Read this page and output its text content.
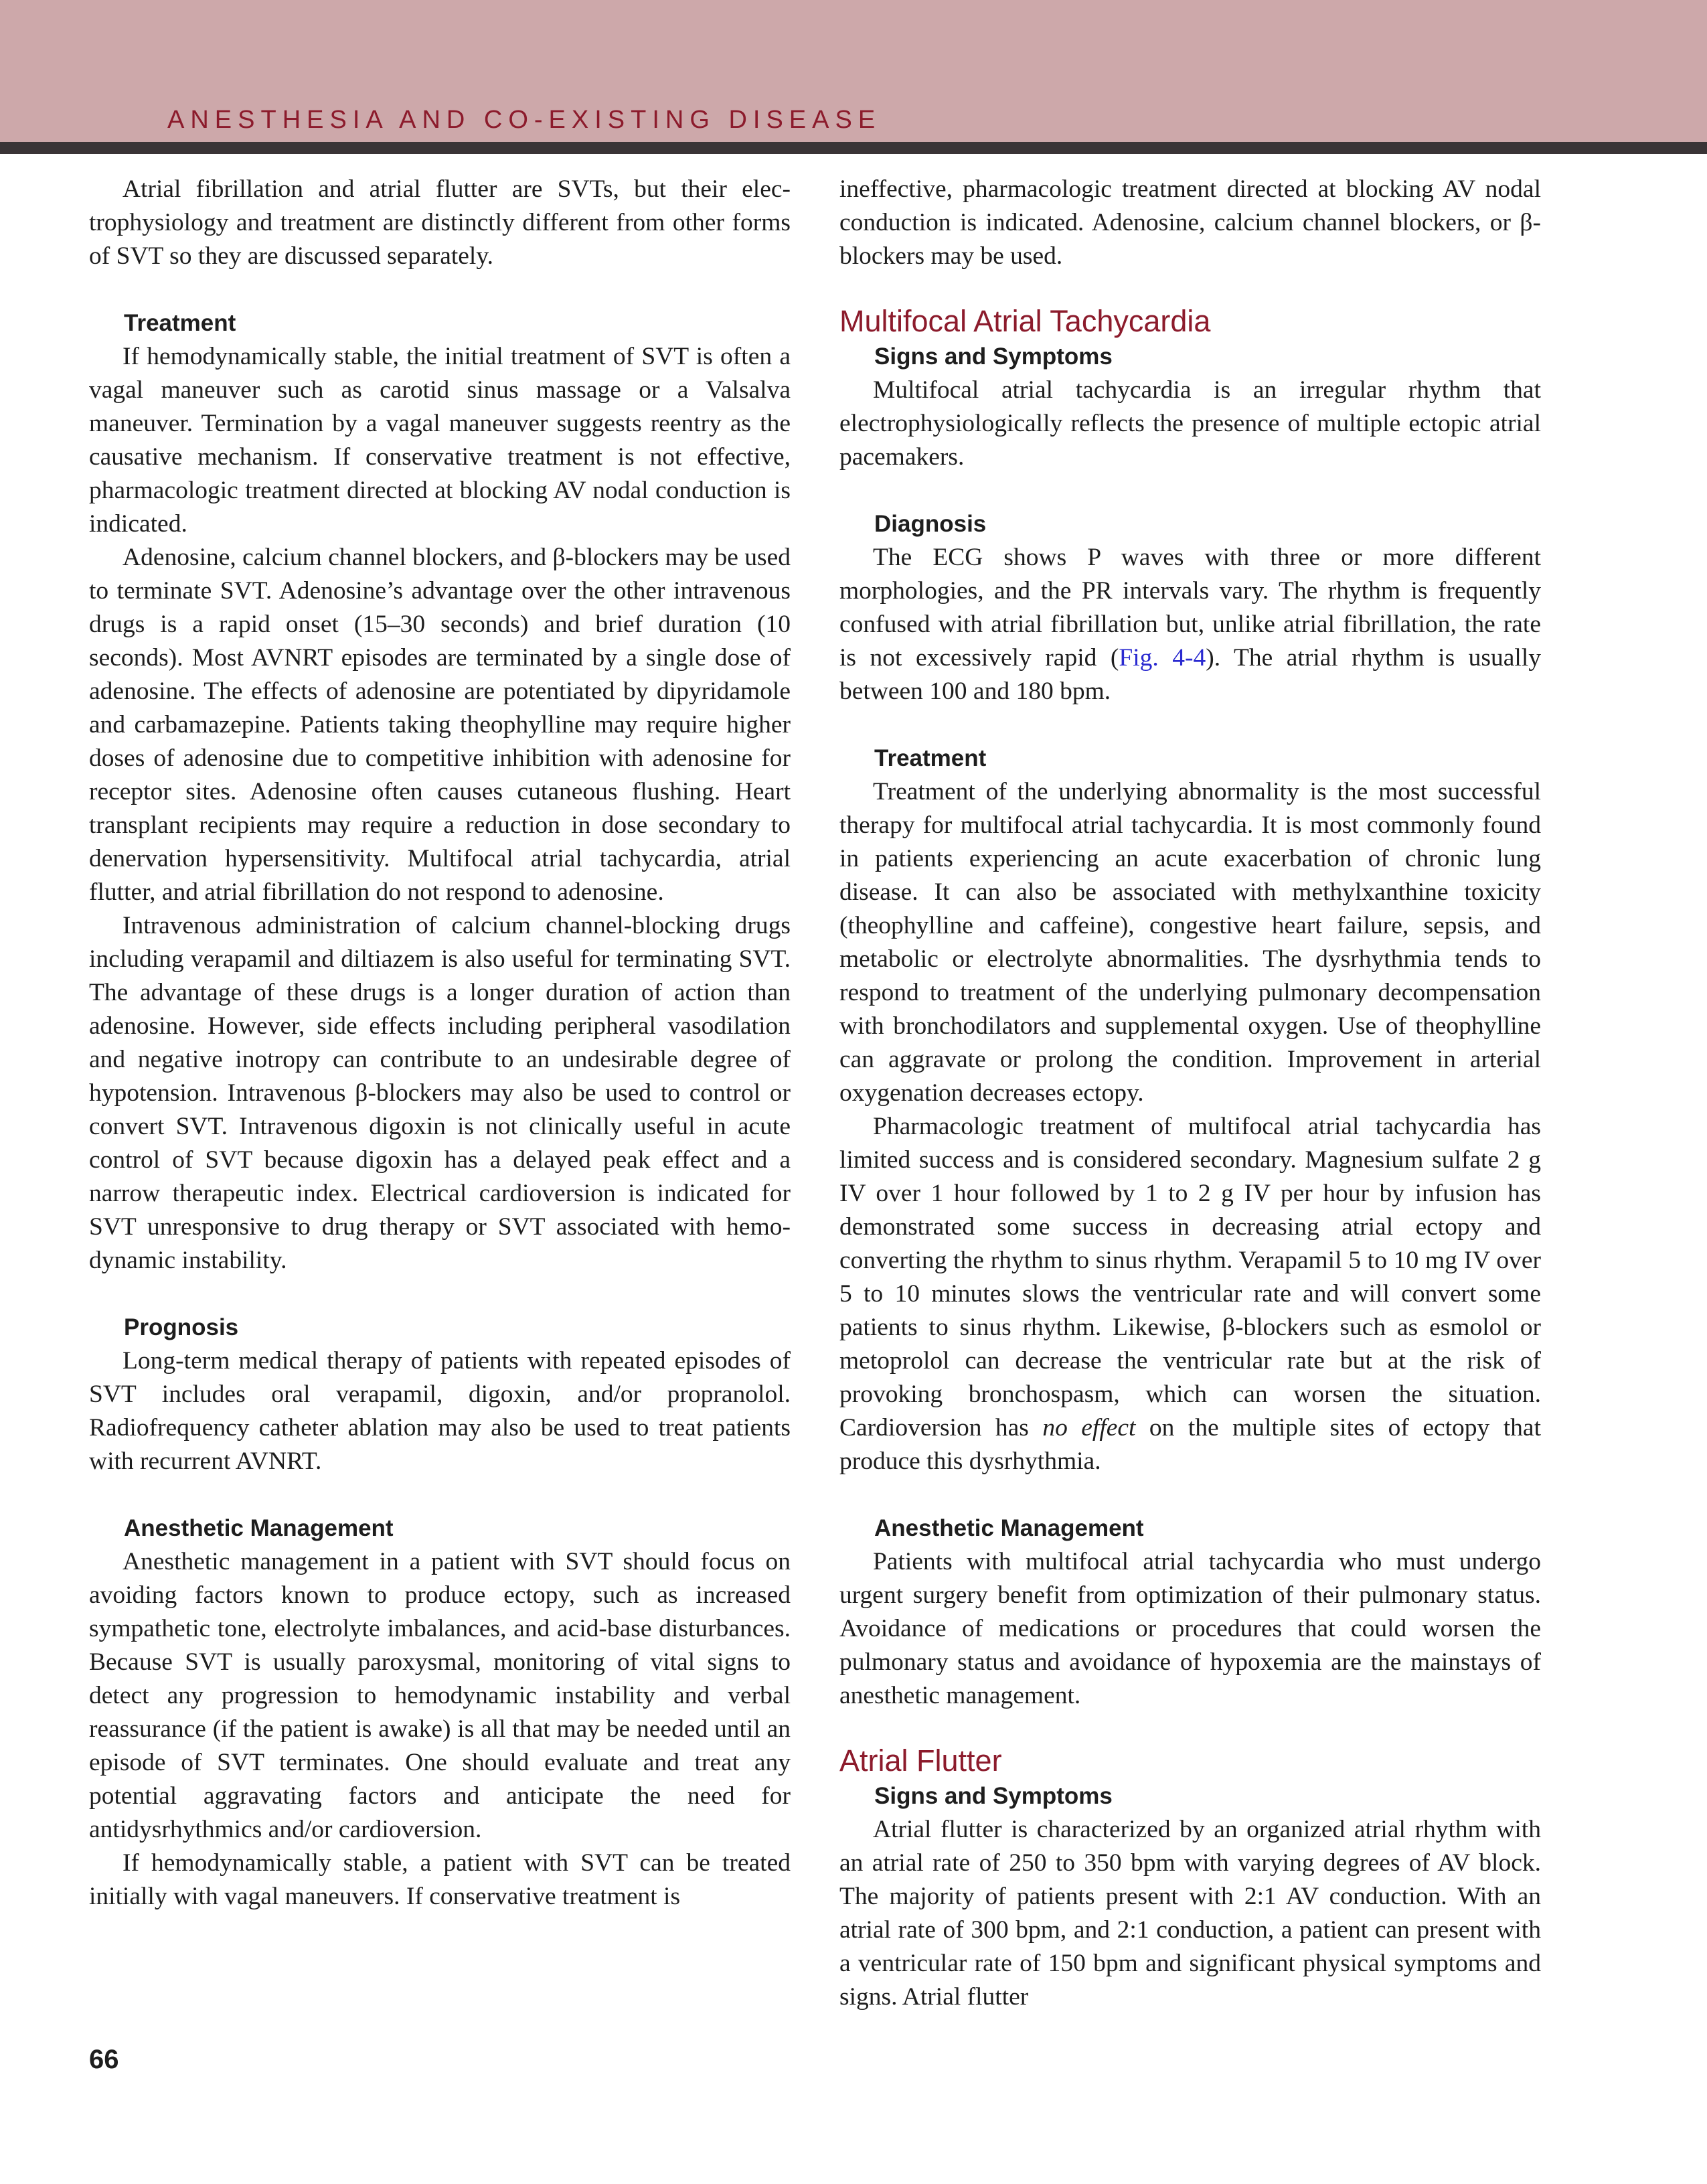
ANESTHESIA AND CO-EXISTING DISEASE

Atrial fibrillation and atrial flutter are SVTs, but their electrophysiology and treatment are distinctly different from other forms of SVT so they are discussed separately.

Treatment

If hemodynamically stable, the initial treatment of SVT is often a vagal maneuver such as carotid sinus massage or a Valsalva maneuver. Termination by a vagal maneuver suggests reentry as the causative mechanism. If conservative treatment is not effective, pharmacologic treatment directed at blocking AV nodal conduction is indicated.

Adenosine, calcium channel blockers, and β-blockers may be used to terminate SVT. Adenosine’s advantage over the other intravenous drugs is a rapid onset (15–30 seconds) and brief duration (10 seconds). Most AVNRT episodes are terminated by a single dose of adenosine. The effects of adenosine are potentiated by dipyridamole and carbamazepine. Patients taking theophylline may require higher doses of adenosine due to competitive inhibition with adenosine for receptor sites. Adenosine often causes cutaneous flushing. Heart transplant recipients may require a reduction in dose secondary to denervation hypersensitivity. Multifocal atrial tachycardia, atrial flutter, and atrial fibrillation do not respond to adenosine.

Intravenous administration of calcium channel-blocking drugs including verapamil and diltiazem is also useful for terminating SVT. The advantage of these drugs is a longer duration of action than adenosine. However, side effects including peripheral vasodilation and negative inotropy can contribute to an undesirable degree of hypotension. Intravenous β-blockers may also be used to control or convert SVT. Intravenous digoxin is not clinically useful in acute control of SVT because digoxin has a delayed peak effect and a narrow therapeutic index. Electrical cardioversion is indicated for SVT unresponsive to drug therapy or SVT associated with hemodynamic instability.

Prognosis

Long-term medical therapy of patients with repeated episodes of SVT includes oral verapamil, digoxin, and/or propranolol. Radiofrequency catheter ablation may also be used to treat patients with recurrent AVNRT.

Anesthetic Management

Anesthetic management in a patient with SVT should focus on avoiding factors known to produce ectopy, such as increased sympathetic tone, electrolyte imbalances, and acid-base disturbances. Because SVT is usually paroxysmal, monitoring of vital signs to detect any progression to hemodynamic instability and verbal reassurance (if the patient is awake) is all that may be needed until an episode of SVT terminates. One should evaluate and treat any potential aggravating factors and anticipate the need for antidysrhythmics and/or cardioversion.

If hemodynamically stable, a patient with SVT can be treated initially with vagal maneuvers. If conservative treatment is

ineffective, pharmacologic treatment directed at blocking AV nodal conduction is indicated. Adenosine, calcium channel blockers, or β-blockers may be used.

Multifocal Atrial Tachycardia
Signs and Symptoms

Multifocal atrial tachycardia is an irregular rhythm that electrophysiologically reflects the presence of multiple ectopic atrial pacemakers.

Diagnosis

The ECG shows P waves with three or more different morphologies, and the PR intervals vary. The rhythm is frequently confused with atrial fibrillation but, unlike atrial fibrillation, the rate is not excessively rapid (Fig. 4-4). The atrial rhythm is usually between 100 and 180 bpm.

Treatment

Treatment of the underlying abnormality is the most successful therapy for multifocal atrial tachycardia. It is most commonly found in patients experiencing an acute exacerbation of chronic lung disease. It can also be associated with methylxanthine toxicity (theophylline and caffeine), congestive heart failure, sepsis, and metabolic or electrolyte abnormalities. The dysrhythmia tends to respond to treatment of the underlying pulmonary decompensation with bronchodilators and supplemental oxygen. Use of theophylline can aggravate or prolong the condition. Improvement in arterial oxygenation decreases ectopy.

Pharmacologic treatment of multifocal atrial tachycardia has limited success and is considered secondary. Magnesium sulfate 2 g IV over 1 hour followed by 1 to 2 g IV per hour by infusion has demonstrated some success in decreasing atrial ectopy and converting the rhythm to sinus rhythm. Verapamil 5 to 10 mg IV over 5 to 10 minutes slows the ventricular rate and will convert some patients to sinus rhythm. Likewise, β-blockers such as esmolol or metoprolol can decrease the ventricular rate but at the risk of provoking bronchospasm, which can worsen the situation. Cardioversion has no effect on the multiple sites of ectopy that produce this dysrhythmia.

Anesthetic Management

Patients with multifocal atrial tachycardia who must undergo urgent surgery benefit from optimization of their pulmonary status. Avoidance of medications or procedures that could worsen the pulmonary status and avoidance of hypoxemia are the mainstays of anesthetic management.

Atrial Flutter
Signs and Symptoms

Atrial flutter is characterized by an organized atrial rhythm with an atrial rate of 250 to 350 bpm with varying degrees of AV block. The majority of patients present with 2:1 AV conduction. With an atrial rate of 300 bpm, and 2:1 conduction, a patient can present with a ventricular rate of 150 bpm and significant physical symptoms and signs. Atrial flutter

66
